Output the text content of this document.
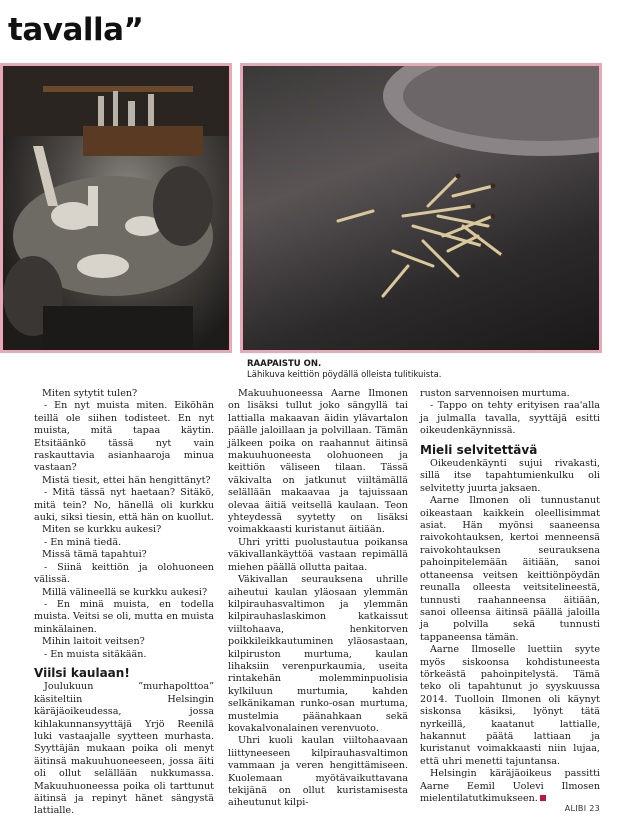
tavalla”
RAAPAISTU ON.
Lähikuva keittiön pöydällä olleista tulitikuista.

Miten sytytit tulen?

- En nyt muista miten. Eiköhän teillä ole siihen todisteet. En nyt muista, mitä tapaa käytin. Etsitäänkö tässä nyt vain raskauttavia asianhaaroja minua vastaan?

Mistä tiesit, ettei hän hengittänyt?

- Mitä tässä nyt haetaan? Sitäkö, mitä tein? No, hänellä oli kurkku auki, siksi tiesin, että hän on kuollut.

Miten se kurkku aukesi?

- En minä tiedä.

Missä tämä tapahtui?

- Siinä keittiön ja olohuoneen välissä.

Millä välineellä se kurkku aukesi?

- En minä muista, en todella muista. Veitsi se oli, mutta en muista minkälainen.

Mihin laitoit veitsen?

- En muista sitäkään.

Viilsi kaulaan!

Joulukuun ”murhapolttoa” käsiteltiin Helsingin käräjäoikeudessa, jossa kihlakunnansyyttäjä Yrjö Reenilä luki vastaajalle syytteen murhasta. Syyttäjän mukaan poika oli menyt äitinsä makuuhuoneeseen, jossa äiti oli ollut selällään nukkumassa. Makuuhuoneessa poika oli tarttunut äitinsä ja repinyt hänet sängystä lattialle.

Makuuhuoneessa Aarne Ilmonen on lisäksi tullut joko sängyllä tai lattialla makaavan äidin ylävartalon päälle jaloillaan ja polvillaan. Tämän jälkeen poika on raahannut äitinsä makuuhuoneesta olohuoneen ja keittiön väliseen tilaan. Tässä väkivalta on jatkunut viiltämällä selällään makaavaa ja tajuissaan olevaa äitiä veitsellä kaulaan. Teon yhteydessä syytetty on lisäksi voimakkaasti kuristanut äitiään.

Uhri yritti puolustautua poikansa väkivallankäyttöä vastaan repimällä miehen päällä ollutta paitaa.

Väkivallan seurauksena uhrille aiheutui kaulan yläosaan ylemmän kilpirauhasvaltimon ja ylemmän kilpirauhaslaskimon katkaissut viiltohaava, henkitorven poikkileikkautuminen yläosastaan, kilpiruston murtuma, kaulan lihaksiin verenpurkaumia, useita rintakehän molemminpuolisia kylkiluun murtumia, kahden selkänikaman runko-osan murtuma, mustelmia päänahkaan sekä kovakalvonalainen verenvuoto.

Uhri kuoli kaulan viiltohaavaan liittyneeseen kilpirauhasvaltimon vammaan ja veren hengittämiseen. Kuolemaan myötävaikuttavana tekijänä on ollut kuristamisesta aiheutunut kilpi-

ruston sarvennoisen murtuma.

- Tappo on tehty erityisen raa'alla ja julmalla tavalla, syyttäjä esitti oikeudenkäynnissä.

Mieli selvitettävä

Oikeudenkäynti sujui rivakasti, sillä itse tapahtumienkulku oli selvitetty juurta jaksaen.

Aarne Ilmonen oli tunnustanut oikeastaan kaikkein oleellisimmat asiat. Hän myönsi saaneensa raivokohtauksen, kertoi menneensä raivokohtauksen seurauksena pahoinpitelemään äitiään, sanoi ottaneensa veitsen keittiönpöydän reunalla olleesta veitsitelineestä, tunnusti raahanneensa äitiään, sanoi olleensa äitinsä päällä jaloilla ja polvilla sekä tunnusti tappaneensa tämän.

Aarne Ilmoselle luettiin syyte myös siskoonsa kohdistuneesta törkeästä pahoinpitelystä. Tämä teko oli tapahtunut jo syyskuussa 2014. Tuolloin Ilmonen oli käynyt siskonsa käsiksi, lyönyt tätä nyrkeillä, kaatanut lattialle, hakannut päätä lattiaan ja kuristanut voimakkaasti niin lujaa, että uhri menetti tajuntansa.

Helsingin käräjäoikeus passitti Aarne Eemil Uolevi Ilmosen mielentilatutkimukseen.

ALIBI 23
